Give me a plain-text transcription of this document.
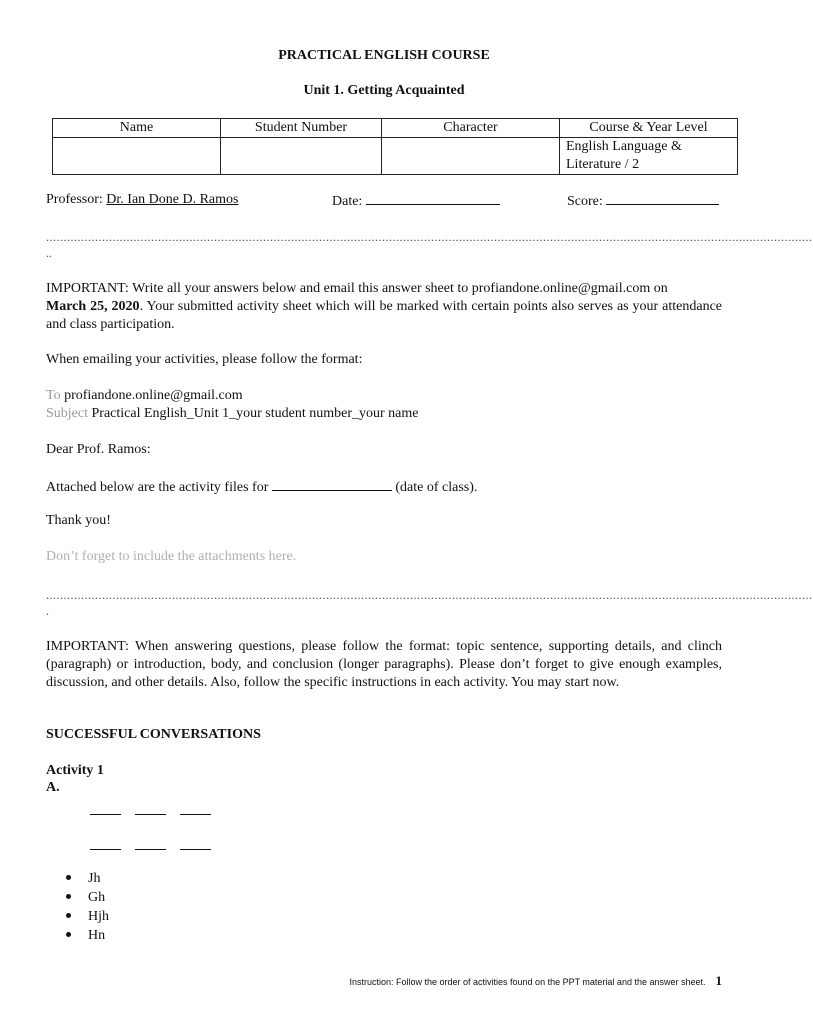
PRACTICAL ENGLISH COURSE
Unit 1. Getting Acquainted
Name	Student Number	Character	Course & Year Level
			English Language & Literature / 2
Professor: Dr. Ian Done D. Ramos	Date:	Score:
...........................................................................................................................................................................................................................
..
IMPORTANT: Write all your answers below and email this answer sheet to profiandone.online@gmail.com on
March 25, 2020. Your submitted activity sheet which will be marked with certain points also serves as your attendance and class participation.
When emailing your activities, please follow the format:
To profiandone.online@gmail.com
Subject Practical English_Unit 1_your student number_your name
Dear Prof. Ramos:
Attached below are the activity files for	(date of class).
Thank you!
Don’t forget to include the attachments here.
...........................................................................................................................................................................................................................
.
IMPORTANT: When answering questions, please follow the format: topic sentence, supporting details, and clinch (paragraph) or introduction, body, and conclusion (longer paragraphs). Please don’t forget to give enough examples, discussion, and other details. Also, follow the specific instructions in each activity. You may start now.
SUCCESSFUL CONVERSATIONS
Activity 1
A.
Jh
Gh
Hjh
Hn
Instruction: Follow the order of activities found on the PPT material and the answer sheet. 1
